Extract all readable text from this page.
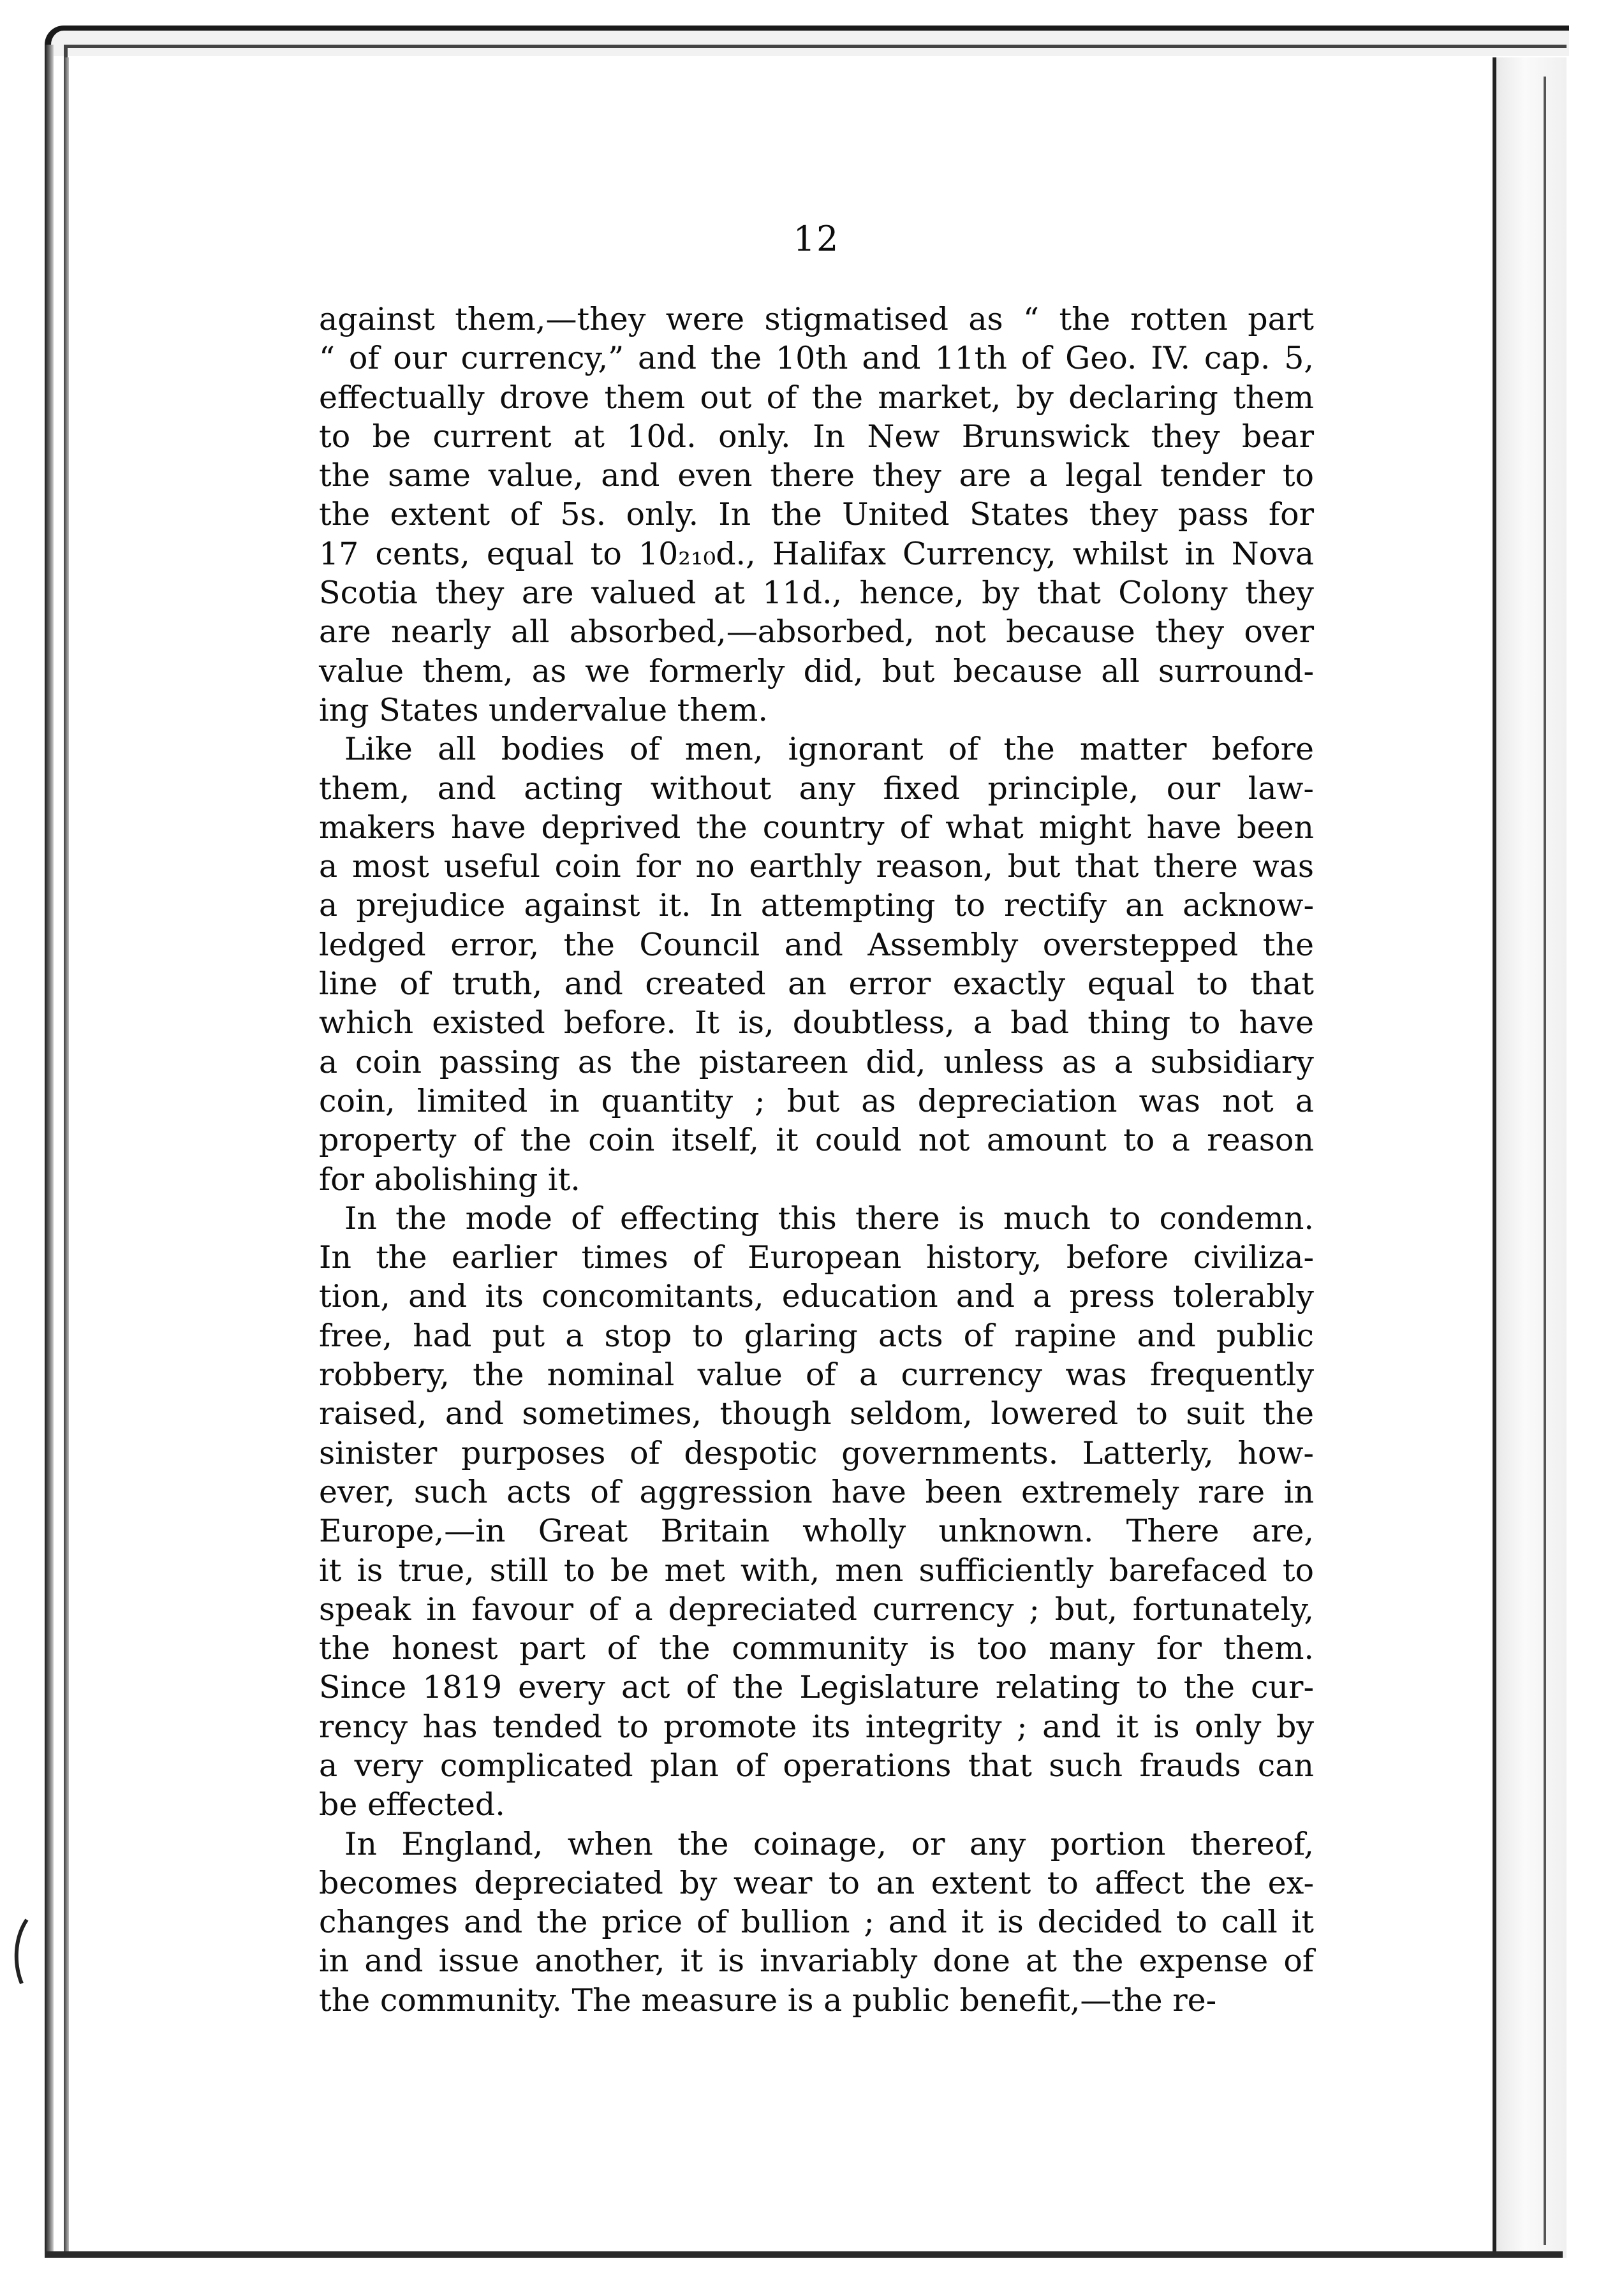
12
against them,—they were stigmatised as “ the rotten part
“ of our currency,” and the 10th and 11th of Geo. IV. cap. 5,
effectually drove them out of the market, by declaring them
to be current at 10d. only. In New Brunswick they bear
the same value, and even there they are a legal tender to
the extent of 5s. only. In the United States they pass for
17 cents, equal to 10₂₁₀d., Halifax Currency, whilst in Nova
Scotia they are valued at 11d., hence, by that Colony they
are nearly all absorbed,—absorbed, not because they over
value them, as we formerly did, but because all surround-
ing States undervalue them.
Like all bodies of men, ignorant of the matter before
them, and acting without any fixed principle, our law-
makers have deprived the country of what might have been
a most useful coin for no earthly reason, but that there was
a prejudice against it. In attempting to rectify an acknow-
ledged error, the Council and Assembly overstepped the
line of truth, and created an error exactly equal to that
which existed before. It is, doubtless, a bad thing to have
a coin passing as the pistareen did, unless as a subsidiary
coin, limited in quantity ; but as depreciation was not a
property of the coin itself, it could not amount to a reason
for abolishing it.
In the mode of effecting this there is much to condemn.
In the earlier times of European history, before civiliza-
tion, and its concomitants, education and a press tolerably
free, had put a stop to glaring acts of rapine and public
robbery, the nominal value of a currency was frequently
raised, and sometimes, though seldom, lowered to suit the
sinister purposes of despotic governments. Latterly, how-
ever, such acts of aggression have been extremely rare in
Europe,—in Great Britain wholly unknown. There are,
it is true, still to be met with, men sufficiently barefaced to
speak in favour of a depreciated currency ; but, fortunately,
the honest part of the community is too many for them.
Since 1819 every act of the Legislature relating to the cur-
rency has tended to promote its integrity ; and it is only by
a very complicated plan of operations that such frauds can
be effected.
In England, when the coinage, or any portion thereof,
becomes depreciated by wear to an extent to affect the ex-
changes and the price of bullion ; and it is decided to call it
in and issue another, it is invariably done at the expense of
the community. The measure is a public benefit,—the re-
